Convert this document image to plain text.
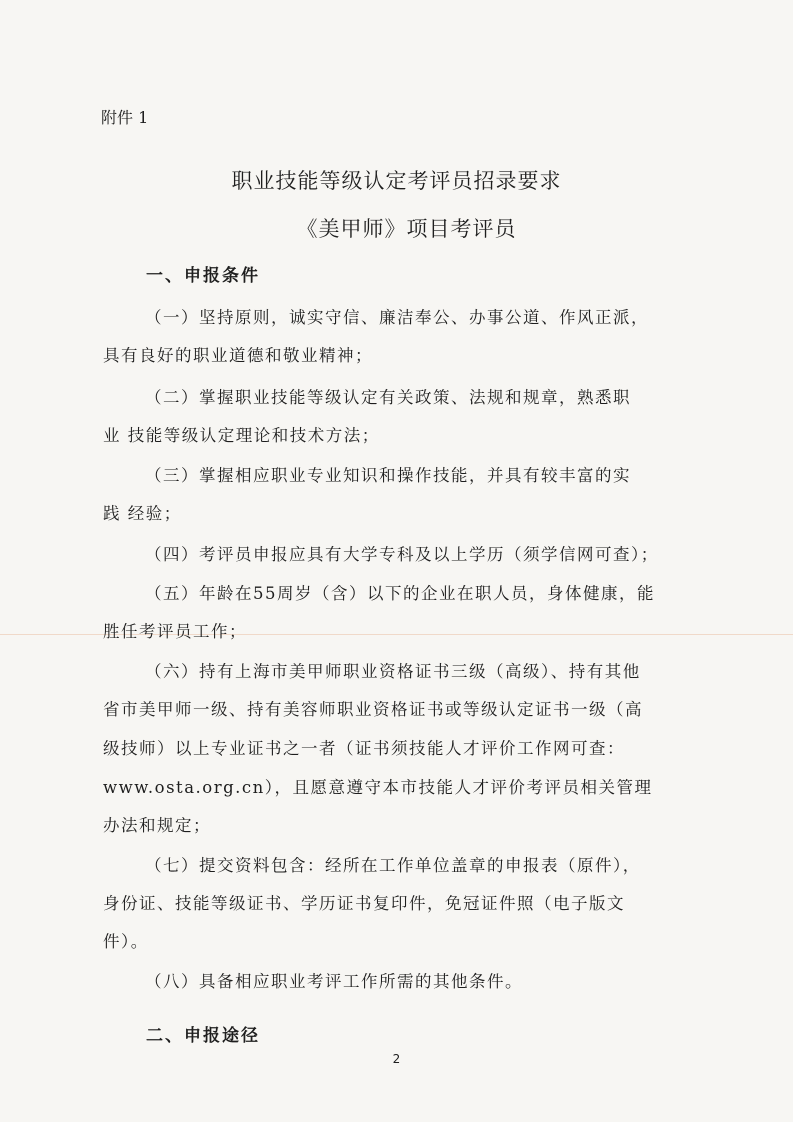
附件 1
职业技能等级认定考评员招录要求
《美甲师》项目考评员
一、申报条件
（一）坚持原则，诚实守信、廉洁奉公、办事公道、作风正派，
具有良好的职业道德和敬业精神；
（二）掌握职业技能等级认定有关政策、法规和规章，熟悉职
业 技能等级认定理论和技术方法；
（三）掌握相应职业专业知识和操作技能，并具有较丰富的实
践 经验；
（四）考评员申报应具有大学专科及以上学历（须学信网可查）；
（五）年龄在55周岁（含）以下的企业在职人员，身体健康，能
胜任考评员工作；
（六）持有上海市美甲师职业资格证书三级（高级）、持有其他
省市美甲师一级、持有美容师职业资格证书或等级认定证书一级（高
级技师）以上专业证书之一者（证书须技能人才评价工作网可查：
www.osta.org.cn），且愿意遵守本市技能人才评价考评员相关管理
办法和规定；
（七）提交资料包含：经所在工作单位盖章的申报表（原件），
身份证、技能等级证书、学历证书复印件，免冠证件照（电子版文
件）。
（八）具备相应职业考评工作所需的其他条件。
二、申报途径
2
